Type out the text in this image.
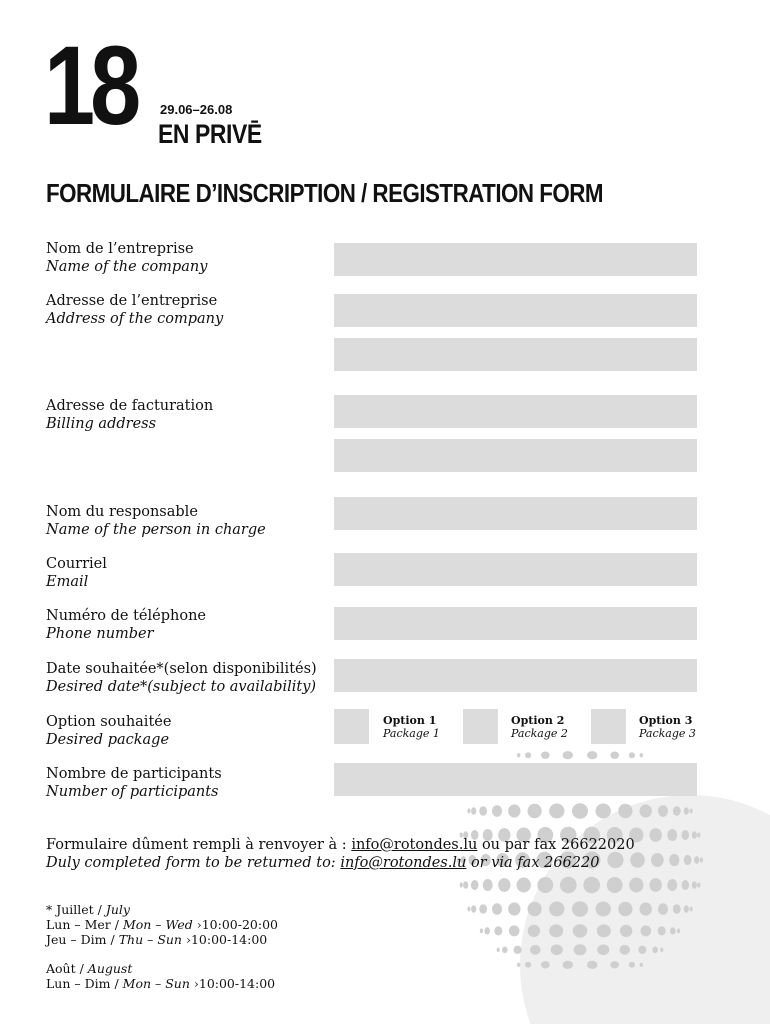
18 29.06–26.08
EN PRIVĒ
FORMULAIRE D’INSCRIPTION / REGISTRATION FORM
Nom de l’entreprise
Name of the company
Adresse de l’entreprise
Address of the company
Adresse de facturation
Billing address
Nom du responsable
Name of the person in charge
Courriel
Email
Numéro de téléphone
Phone number
Date souhaitée*(selon disponibilités)
Desired date*(subject to availability)
Option souhaitée
Desired package
Nombre de participants
Number of participants
Option 1
Package 1
Option 2
Package 2
Option 3
Package 3
Formulaire dûment rempli à renvoyer à : info@rotondes.lu ou par fax 26622020
Duly completed form to be returned to: info@rotondes.lu or via fax 266220
* Juillet / July
Lun – Mer / Mon – Wed ›10:00-20:00
Jeu – Dim / Thu – Sun ›10:00-14:00
Août / August
Lun – Dim / Mon – Sun ›10:00-14:00
